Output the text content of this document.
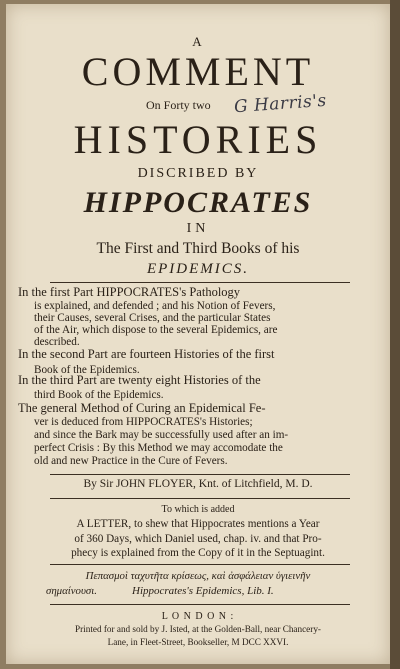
A
COMMENT
On Forty two G Harris's
HISTORIES
DISCRIBED BY
HIPPOCRATES
IN
The First and Third Books of his
EPIDEMICS.
In the first Part HIPPOCRATES's Pathology
is explained, and defended ; and his Notion of Fevers,
their Causes, several Crises, and the particular States
of the Air, which dispose to the several Epidemics, are
described.
In the second Part are fourteen Histories of the first
Book of the Epidemics.
In the third Part are twenty eight Histories of the
third Book of the Epidemics.
The general Method of Curing an Epidemical Fe-
ver is deduced from HIPPOCRATES's Histories;
and since the Bark may be successfully used after an im-
perfect Crisis : By this Method we may accomodate the
old and new Practice in the Cure of Fevers.
By Sir JOHN FLOYER, Knt. of Litchfield, M. D.
To which is added
A LETTER, to shew that Hippocrates mentions a Year
of 360 Days, which Daniel used, chap. iv. and that Pro-
phecy is explained from the Copy of it in the Septuagint.
Πεπασμοὶ ταχυτῆτα κρίσεως, καὶ ἀσφάλειαν ὑγιεινῆν
σημαίνουσι.	Hippocrates's Epidemics, Lib. I.
L O N D O N :
Printed for and sold by J. Isted, at the Golden-Ball, near Chancery-
Lane, in Fleet-Street, Bookseller, M DCC XXVI.
